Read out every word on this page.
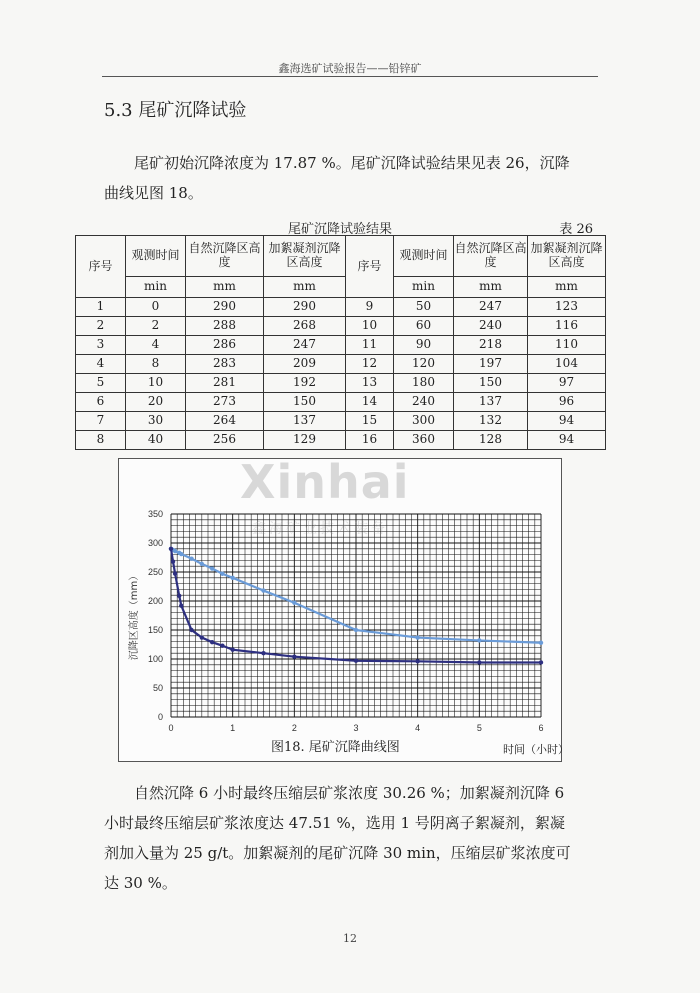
鑫海选矿试验报告——铅锌矿
5.3 尾矿沉降试验
尾矿初始沉降浓度为 17.87 %。尾矿沉降试验结果见表 26，沉降
曲线见图 18。
尾矿沉降试验结果	表 26
序号	观测时间	自然沉降区高度	加絮凝剂沉降区高度	序号	观测时间	自然沉降区高度	加絮凝剂沉降区高度
	min	mm	mm		min	mm	mm
1	0	290	290	9	50	247	123
2	2	288	268	10	60	240	116
3	4	286	247	11	90	218	110
4	8	283	209	12	120	197	104
5	10	281	192	13	180	150	97
6	20	273	150	14	240	137	96
7	30	264	137	15	300	132	94
8	40	256	129	16	360	128	94
0
50
100
150
200
250
300
350
0	1	2	3	4	5	6
沉降区高度（mm）
图18. 尾矿沉降曲线图	时间（小时）
Xinhai
鑫海矿业技术装备
自然沉降 6 小时最终压缩层矿浆浓度 30.26 %；加絮凝剂沉降 6
小时最终压缩层矿浆浓度达 47.51 %，选用 1 号阴离子絮凝剂，絮凝
剂加入量为 25 g/t。加絮凝剂的尾矿沉降 30 min，压缩层矿浆浓度可
达 30 %。
12
